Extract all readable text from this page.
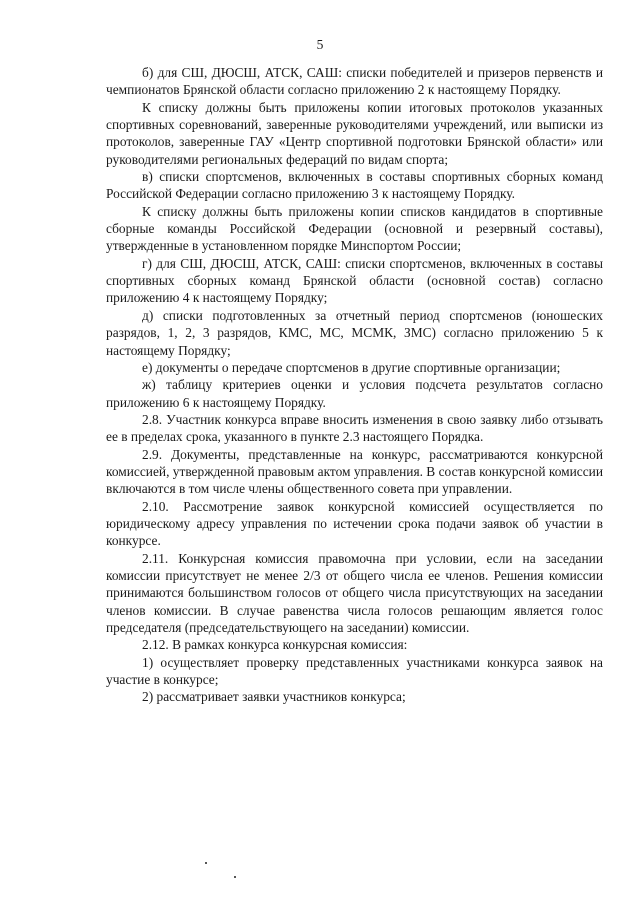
5

б) для СШ, ДЮСШ, АТСК, САШ: списки победителей и призеров первенств и чемпионатов Брянской области согласно приложению 2 к настоящему Порядку.

К списку должны быть приложены копии итоговых протоколов указанных спортивных соревнований, заверенные руководителями учреждений, или выписки из протоколов, заверенные ГАУ «Центр спортивной подготовки Брянской области» или руководителями региональных федераций по видам спорта;

в) списки спортсменов, включенных в составы спортивных сборных команд Российской Федерации согласно приложению 3 к настоящему Порядку.

К списку должны быть приложены копии списков кандидатов в спортивные сборные команды Российской Федерации (основной и резервный составы), утвержденные в установленном порядке Минспортом России;

г) для СШ, ДЮСШ, АТСК, САШ: списки спортсменов, включенных в составы спортивных сборных команд Брянской области (основной состав) согласно приложению 4 к настоящему Порядку;

д) списки подготовленных за отчетный период спортсменов (юношеских разрядов, 1, 2, 3 разрядов, КМС, МС, МСМК, ЗМС) согласно приложению 5 к настоящему Порядку;

е) документы о передаче спортсменов в другие спортивные организации;

ж) таблицу критериев оценки и условия подсчета результатов согласно приложению 6 к настоящему Порядку.

2.8. Участник конкурса вправе вносить изменения в свою заявку либо отзывать ее в пределах срока, указанного в пункте 2.3 настоящего Порядка.

2.9. Документы, представленные на конкурс, рассматриваются конкурсной комиссией, утвержденной правовым актом управления. В состав конкурсной комиссии включаются в том числе члены общественного совета при управлении.

2.10. Рассмотрение заявок конкурсной комиссией осуществляется по юридическому адресу управления по истечении срока подачи заявок об участии в конкурсе.

2.11. Конкурсная комиссия правомочна при условии, если на заседании комиссии присутствует не менее 2/3 от общего числа ее членов. Решения комиссии принимаются большинством голосов от общего числа присутствующих на заседании членов комиссии. В случае равенства числа голосов решающим является голос председателя (председательствующего на заседании) комиссии.

2.12. В рамках конкурса конкурсная комиссия:

1) осуществляет проверку представленных участниками конкурса заявок на участие в конкурсе;

2) рассматривает заявки участников конкурса;
